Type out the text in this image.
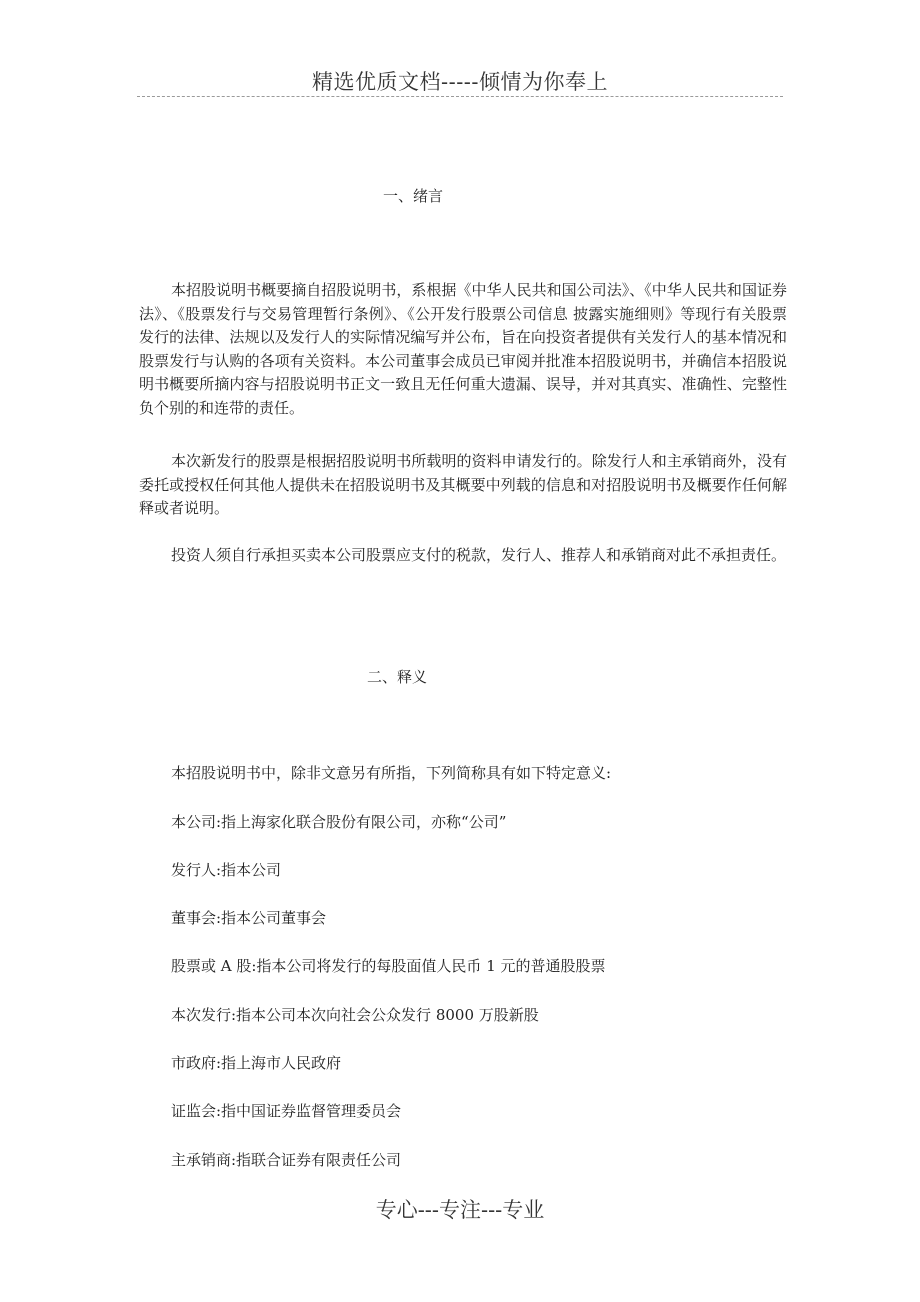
精选优质文档-----倾情为你奉上
一、绪言

本招股说明书概要摘自招股说明书，系根据《中华人民共和国公司法》、《中华人民共和国证券法》、《股票发行与交易管理暂行条例》、《公开发行股票公司信息 披露实施细则》等现行有关股票发行的法律、法规以及发行人的实际情况编写并公布，旨在向投资者提供有关发行人的基本情况和股票发行与认购的各项有关资料。本公司董事会成员已审阅并批准本招股说明书，并确信本招股说明书概要所摘内容与招股说明书正文一致且无任何重大遗漏、误导，并对其真实、准确性、完整性负个别的和连带的责任。

本次新发行的股票是根据招股说明书所载明的资料申请发行的。除发行人和主承销商外，没有委托或授权任何其他人提供未在招股说明书及其概要中列载的信息和对招股说明书及概要作任何解释或者说明。

投资人须自行承担买卖本公司股票应支付的税款，发行人、推荐人和承销商对此不承担责任。

二、释义

本招股说明书中，除非文意另有所指，下列简称具有如下特定意义:

本公司:指上海家化联合股份有限公司，亦称“公司”

发行人:指本公司

董事会:指本公司董事会

股票或 A 股:指本公司将发行的每股面值人民币 1 元的普通股股票

本次发行:指本公司本次向社会公众发行 8000 万股新股

市政府:指上海市人民政府

证监会:指中国证券监督管理委员会

主承销商:指联合证券有限责任公司

专心---专注---专业
